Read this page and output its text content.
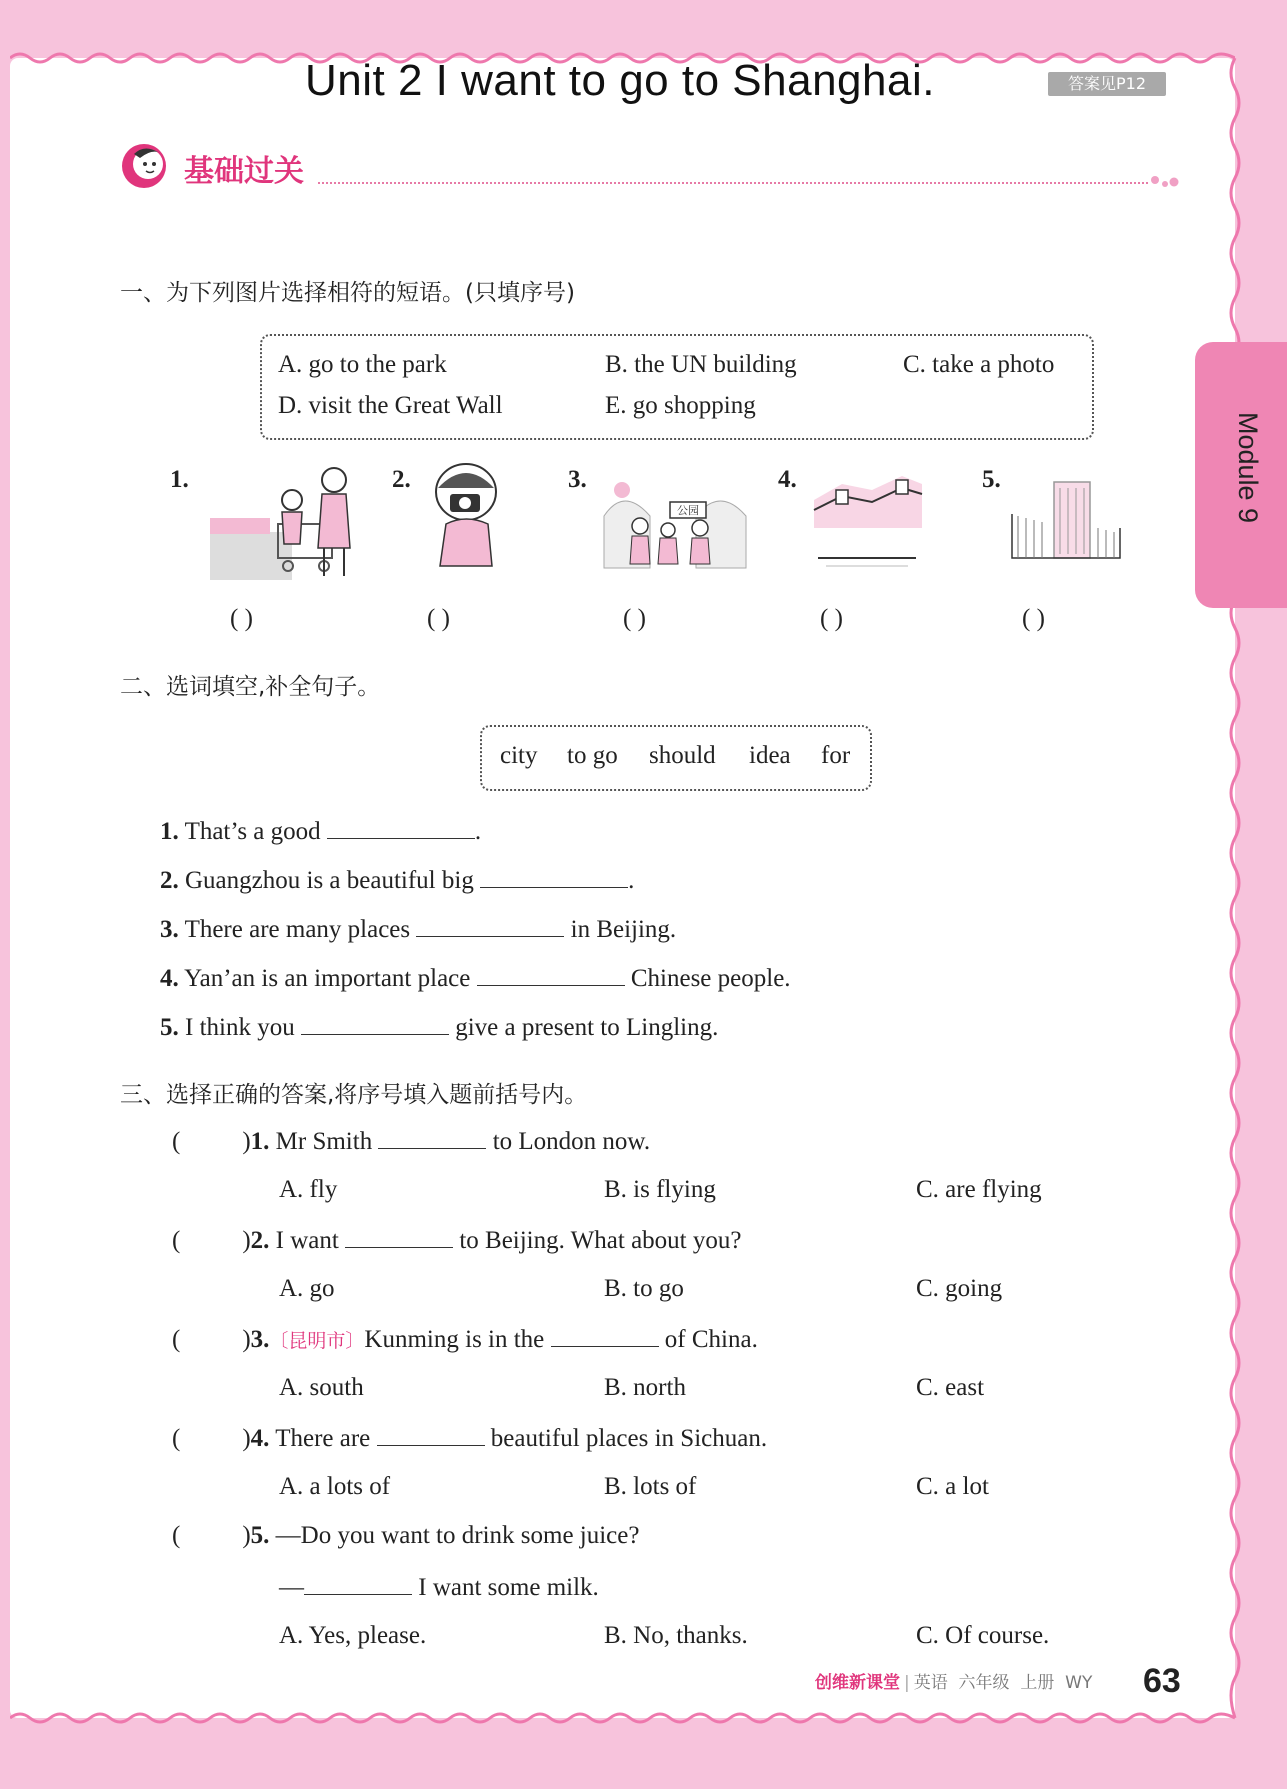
Unit 2 I want to go to Shanghai.	答案见P12
Module 9
基础过关
一、为下列图片选择相符的短语。(只填序号)
A. go to the park	B. the UN building	C. take a photo
D. visit the Great Wall	E. go shopping
1.	2.	3.
公园
4.	5.
( )	( )	( )	( )	( )
二、选词填空,补全句子。
city to go should idea for
1. That’s a good	.
2. Guangzhou is a beautiful big	.
3. There are many places	in Beijing.
4. Yan’an is an important place	Chinese people.
5. I think you	give a present to Lingling.
三、选择正确的答案,将序号填入题前括号内。
( )1. Mr Smith	to London now.
A. fly	B. is flying	C. are flying
( )2. I want	to Beijing. What about you?
A. go	B. to go	C. going
( )3.〔昆明市〕Kunming is in the	of China.
A. south	B. north	C. east
( )4. There are	beautiful places in Sichuan.
A. a lots of	B. lots of	C. a lot
( )5. —Do you want to drink some juice?
—	I want some milk.
A. Yes, please.	B. No, thanks.	C. Of course.
创维新课堂 | 英语 六年级 上册 WY 63
